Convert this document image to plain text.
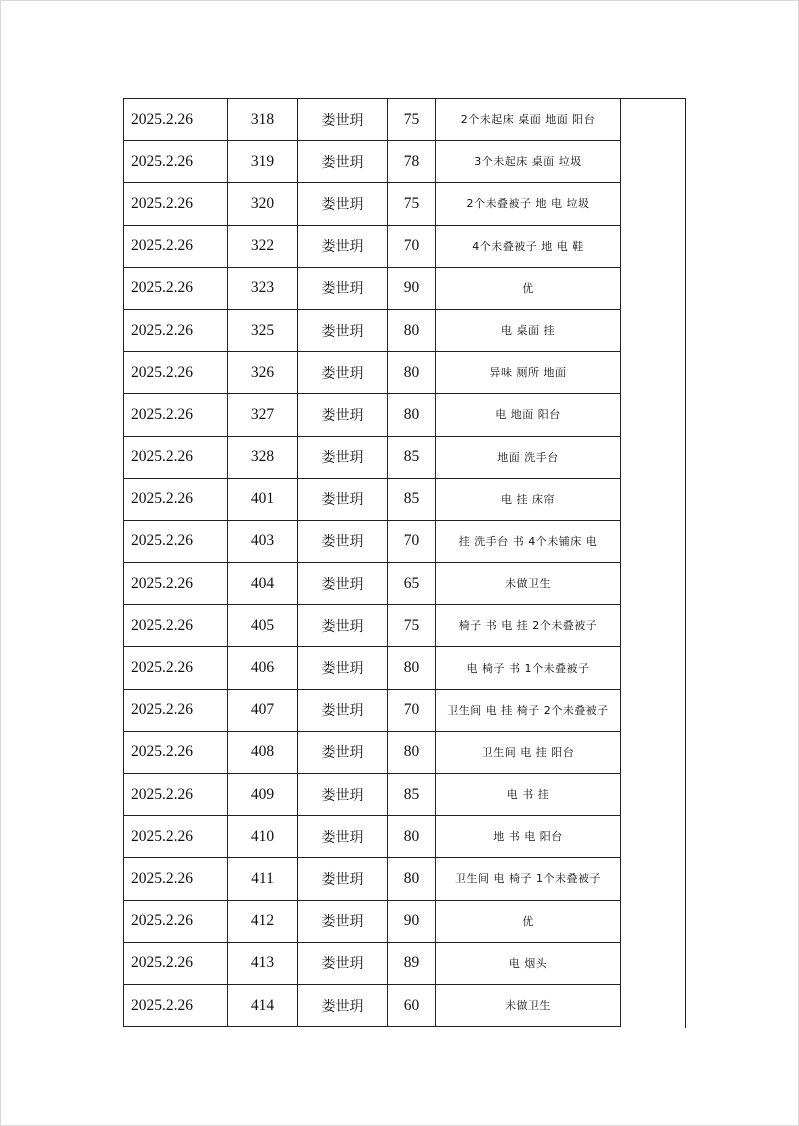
2025.2.26	318	娄世玥	75	2个未起床 桌面 地面 阳台
2025.2.26	319	娄世玥	78	3个未起床 桌面 垃圾
2025.2.26	320	娄世玥	75	2个未叠被子 地 电 垃圾
2025.2.26	322	娄世玥	70	4个未叠被子 地 电 鞋
2025.2.26	323	娄世玥	90	优
2025.2.26	325	娄世玥	80	电 桌面 挂
2025.2.26	326	娄世玥	80	异味 厕所 地面
2025.2.26	327	娄世玥	80	电 地面 阳台
2025.2.26	328	娄世玥	85	地面 洗手台
2025.2.26	401	娄世玥	85	电 挂 床帘
2025.2.26	403	娄世玥	70	挂 洗手台 书 4个未铺床 电
2025.2.26	404	娄世玥	65	未做卫生
2025.2.26	405	娄世玥	75	椅子 书 电 挂 2个未叠被子
2025.2.26	406	娄世玥	80	电 椅子 书 1个未叠被子
2025.2.26	407	娄世玥	70	卫生间 电 挂 椅子 2个未叠被子
2025.2.26	408	娄世玥	80	卫生间 电 挂 阳台
2025.2.26	409	娄世玥	85	电 书 挂
2025.2.26	410	娄世玥	80	地 书 电 阳台
2025.2.26	411	娄世玥	80	卫生间 电 椅子 1个未叠被子
2025.2.26	412	娄世玥	90	优
2025.2.26	413	娄世玥	89	电 烟头
2025.2.26	414	娄世玥	60	未做卫生
